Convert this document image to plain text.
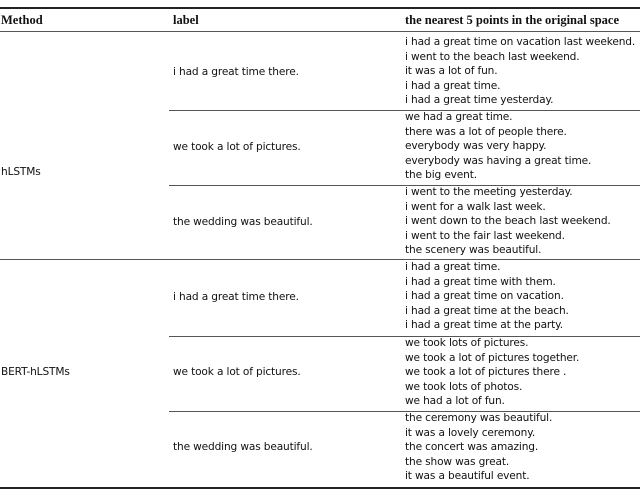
Method	label	the nearest 5 points in the original space
hLSTMs
i had a great time there.
i had a great time on vacation last weekend.
i went to the beach last weekend.
it was a lot of fun.
i had a great time.
i had a great time yesterday.
we took a lot of pictures.
we had a great time.
there was a lot of people there.
everybody was very happy.
everybody was having a great time.
the big event.
the wedding was beautiful.
i went to the meeting yesterday.
i went for a walk last week.
i went down to the beach last weekend.
i went to the fair last weekend.
the scenery was beautiful.
BERT-hLSTMs
i had a great time there.
i had a great time.
i had a great time with them.
i had a great time on vacation.
i had a great time at the beach.
i had a great time at the party.
we took a lot of pictures.
we took lots of pictures.
we took a lot of pictures together.
we took a lot of pictures there .
we took lots of photos.
we had a lot of fun.
the wedding was beautiful.
the ceremony was beautiful.
it was a lovely ceremony.
the concert was amazing.
the show was great.
it was a beautiful event.
